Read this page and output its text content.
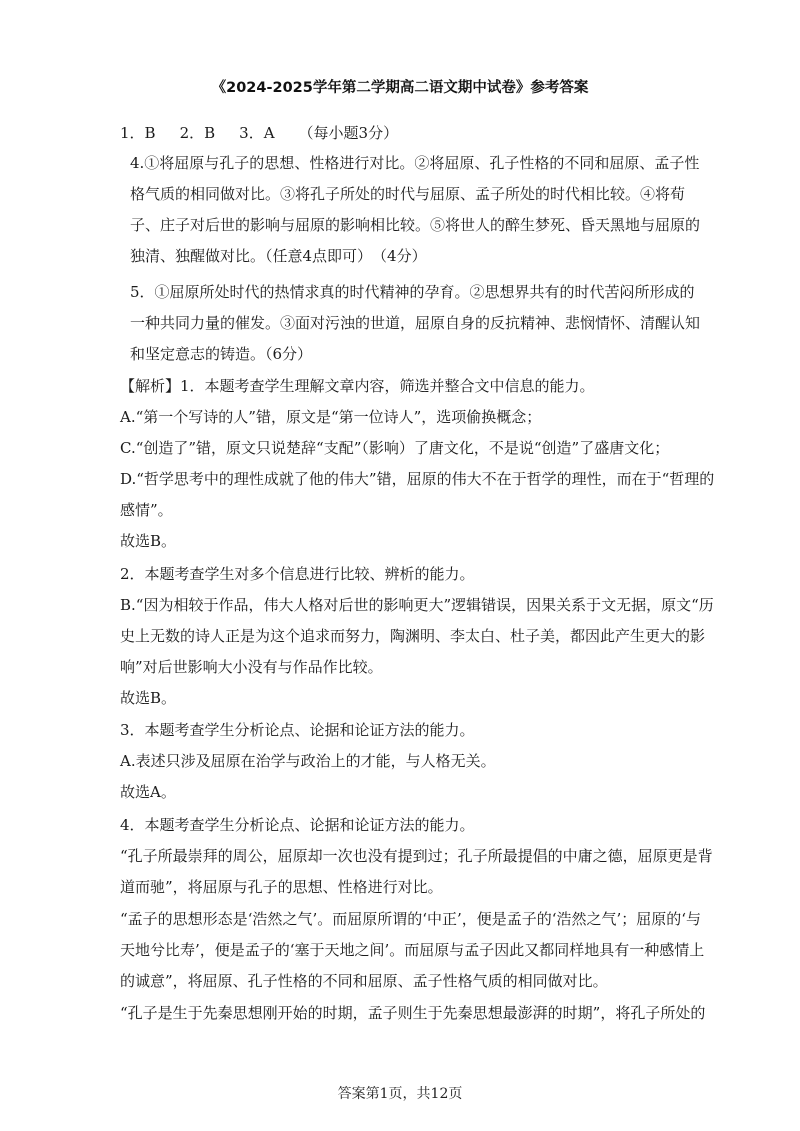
《2024-2025学年第二学期高二语文期中试卷》参考答案
1．B 2．B 3．A （每小题3分）
4.①将屈原与孔子的思想、性格进行对比。②将屈原、孔子性格的不同和屈原、孟子性
格气质的相同做对比。③将孔子所处的时代与屈原、孟子所处的时代相比较。④将荀
子、庄子对后世的影响与屈原的影响相比较。⑤将世人的醉生梦死、昏天黑地与屈原的
独清、独醒做对比。（任意4点即可）　（4分）
5．①屈原所处时代的热情求真的时代精神的孕育。②思想界共有的时代苦闷所形成的
一种共同力量的催发。③面对污浊的世道，屈原自身的反抗精神、悲悯情怀、清醒认知
和坚定意志的铸造。（6分）
【解析】1．本题考查学生理解文章内容，筛选并整合文中信息的能力。
A.“第一个写诗的人”错，原文是“第一位诗人”，选项偷换概念；
C.“创造了”错，原文只说楚辞“支配”（影响）了唐文化，不是说“创造”了盛唐文化；
D.“哲学思考中的理性成就了他的伟大”错，屈原的伟大不在于哲学的理性，而在于“哲理的
感情”。
故选B。
2．本题考查学生对多个信息进行比较、辨析的能力。
B.“因为相较于作品，伟大人格对后世的影响更大”逻辑错误，因果关系于文无据，原文“历
史上无数的诗人正是为这个追求而努力，陶渊明、李太白、杜子美，都因此产生更大的影
响”对后世影响大小没有与作品作比较。
故选B。
3．本题考查学生分析论点、论据和论证方法的能力。
A.表述只涉及屈原在治学与政治上的才能，与人格无关。
故选A。
4．本题考查学生分析论点、论据和论证方法的能力。
“孔子所最崇拜的周公，屈原却一次也没有提到过；孔子所最提倡的中庸之德，屈原更是背
道而驰”，将屈原与孔子的思想、性格进行对比。
“孟子的思想形态是‘浩然之气’。而屈原所谓的‘中正’，便是孟子的‘浩然之气’；屈原的‘与
天地兮比寿’，便是孟子的‘塞于天地之间’。而屈原与孟子因此又都同样地具有一种感情上
的诚意”，将屈原、孔子性格的不同和屈原、孟子性格气质的相同做对比。
“孔子是生于先秦思想刚开始的时期，孟子则生于先秦思想最澎湃的时期”，将孔子所处的
答案第1页，共12页
